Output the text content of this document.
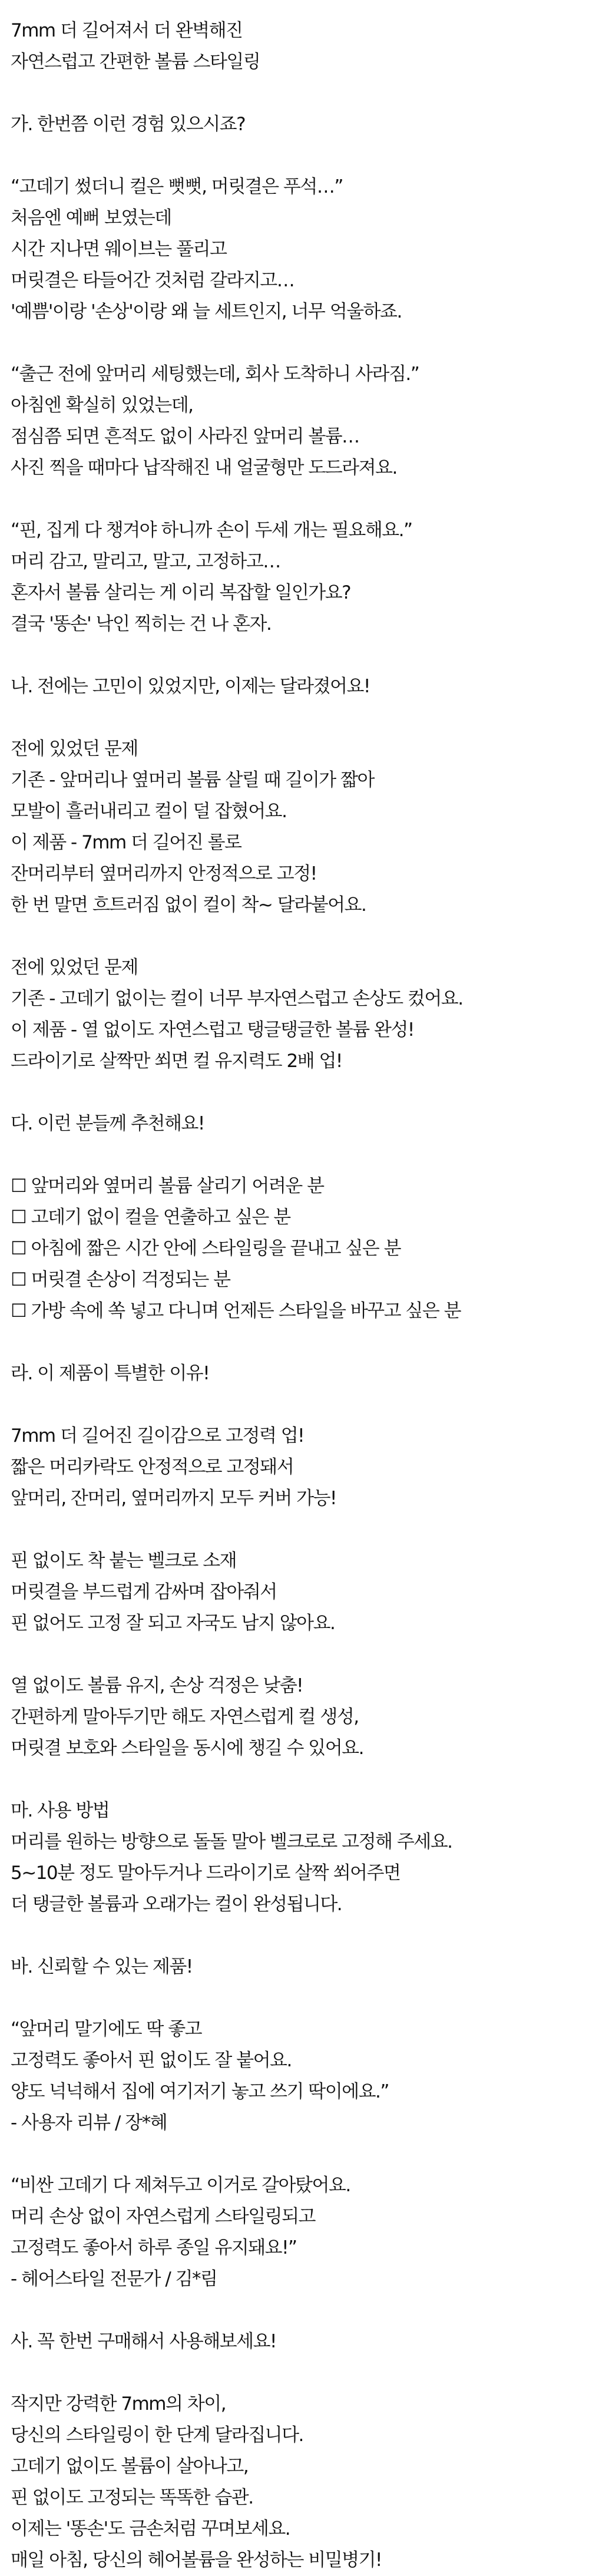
7mm 더 길어져서 더 완벽해진
자연스럽고 간편한 볼륨 스타일링
가. 한번쯤 이런 경험 있으시죠?
“고데기 썼더니 컬은 뻣뻣, 머릿결은 푸석…”
처음엔 예뻐 보였는데
시간 지나면 웨이브는 풀리고
머릿결은 타들어간 것처럼 갈라지고…
'예쁨'이랑 '손상'이랑 왜 늘 세트인지, 너무 억울하죠.
“출근 전에 앞머리 세팅했는데, 회사 도착하니 사라짐.”
아침엔 확실히 있었는데,
점심쯤 되면 흔적도 없이 사라진 앞머리 볼륨…
사진 찍을 때마다 납작해진 내 얼굴형만 도드라져요.
“핀, 집게 다 챙겨야 하니까 손이 두세 개는 필요해요.”
머리 감고, 말리고, 말고, 고정하고…
혼자서 볼륨 살리는 게 이리 복잡할 일인가요?
결국 '똥손' 낙인 찍히는 건 나 혼자.
나. 전에는 고민이 있었지만, 이제는 달라졌어요!
전에 있었던 문제
기존 - 앞머리나 옆머리 볼륨 살릴 때 길이가 짧아
모발이 흘러내리고 컬이 덜 잡혔어요.
이 제품 - 7mm 더 길어진 롤로
잔머리부터 옆머리까지 안정적으로 고정!
한 번 말면 흐트러짐 없이 컬이 착~ 달라붙어요.
전에 있었던 문제
기존 - 고데기 없이는 컬이 너무 부자연스럽고 손상도 컸어요.
이 제품 - 열 없이도 자연스럽고 탱글탱글한 볼륨 완성!
드라이기로 살짝만 쐬면 컬 유지력도 2배 업!
다. 이런 분들께 추천해요!
☐ 앞머리와 옆머리 볼륨 살리기 어려운 분
☐ 고데기 없이 컬을 연출하고 싶은 분
☐ 아침에 짧은 시간 안에 스타일링을 끝내고 싶은 분
☐ 머릿결 손상이 걱정되는 분
☐ 가방 속에 쏙 넣고 다니며 언제든 스타일을 바꾸고 싶은 분
라. 이 제품이 특별한 이유!
7mm 더 길어진 길이감으로 고정력 업!
짧은 머리카락도 안정적으로 고정돼서
앞머리, 잔머리, 옆머리까지 모두 커버 가능!
핀 없이도 착 붙는 벨크로 소재
머릿결을 부드럽게 감싸며 잡아줘서
핀 없어도 고정 잘 되고 자국도 남지 않아요.
열 없이도 볼륨 유지, 손상 걱정은 낮춤!
간편하게 말아두기만 해도 자연스럽게 컬 생성,
머릿결 보호와 스타일을 동시에 챙길 수 있어요.
마. 사용 방법
머리를 원하는 방향으로 돌돌 말아 벨크로로 고정해 주세요.
5~10분 정도 말아두거나 드라이기로 살짝 쐬어주면
더 탱글한 볼륨과 오래가는 컬이 완성됩니다.
바. 신뢰할 수 있는 제품!
“앞머리 말기에도 딱 좋고
고정력도 좋아서 핀 없이도 잘 붙어요.
양도 넉넉해서 집에 여기저기 놓고 쓰기 딱이에요.”
- 사용자 리뷰 / 장*혜
“비싼 고데기 다 제쳐두고 이거로 갈아탔어요.
머리 손상 없이 자연스럽게 스타일링되고
고정력도 좋아서 하루 종일 유지돼요!”
- 헤어스타일 전문가 / 김*림
사. 꼭 한번 구매해서 사용해보세요!
작지만 강력한 7mm의 차이,
당신의 스타일링이 한 단계 달라집니다.
고데기 없이도 볼륨이 살아나고,
핀 없이도 고정되는 똑똑한 습관.
이제는 '똥손'도 금손처럼 꾸며보세요.
매일 아침, 당신의 헤어볼륨을 완성하는 비밀병기!
